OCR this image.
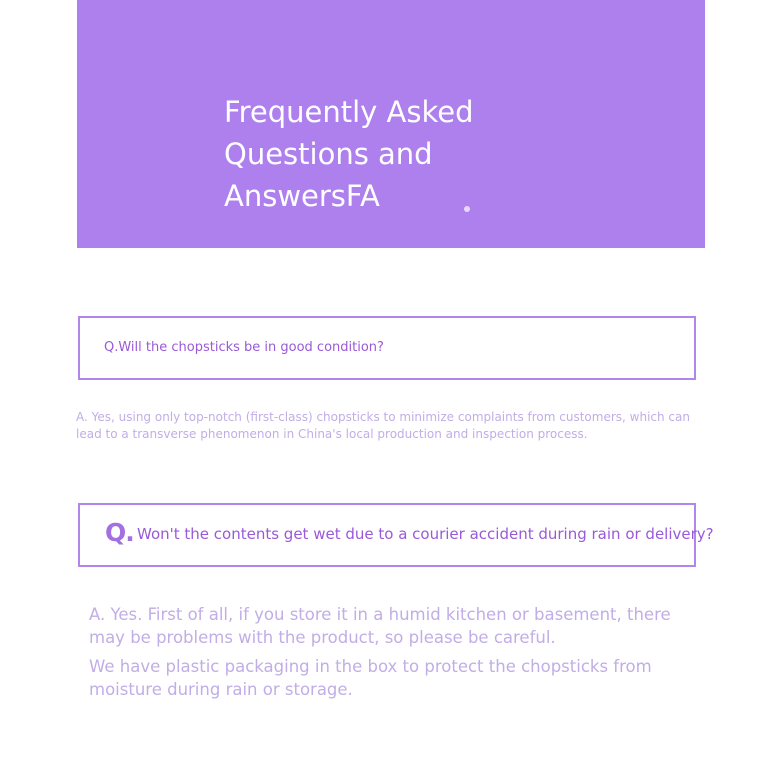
Frequently Asked Questions and AnswersFA
Q.Will the chopsticks be in good condition?
A. Yes, using only top-notch (first-class) chopsticks to minimize complaints from customers, which can lead to a transverse phenomenon in China's local production and inspection process.
Q. Won't the contents get wet due to a courier accident during rain or delivery?

A. Yes. First of all, if you store it in a humid kitchen or basement, there may be problems with the product, so please be careful.

We have plastic packaging in the box to protect the chopsticks from moisture during rain or storage.
